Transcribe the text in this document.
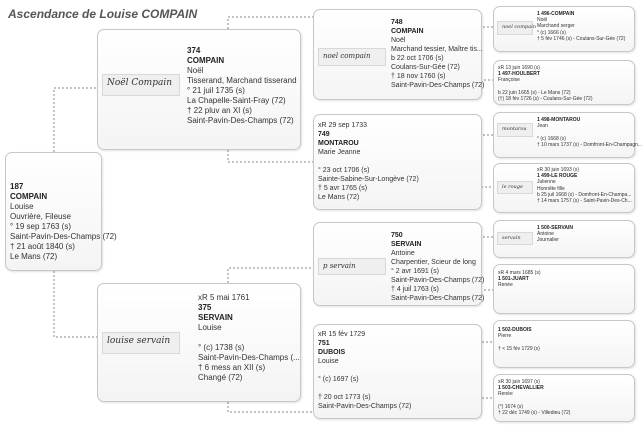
Ascendance de Louise COMPAIN
187
COMPAIN
Louise
Ouvrière, Fileuse
° 19 sep 1763 (s)
Saint-Pavin-Des-Champs (72)
† 21 août 1840 (s)
Le Mans (72)
Noël Compain
374
COMPAIN
Noël
Tisserand, Marchand tisserand
° 21 juil 1735 (s)
La Chapelle-Saint-Fray (72)
† 22 pluv an XI (s)
Saint-Pavin-Des-Champs (72)
louise servain
xR 5 mai 1761
375
SERVAIN
Louise

° (c) 1738 (s)
Saint-Pavin-Des-Champs (...
† 6 mess an XII (s)
Changé (72)
noel compain
748
COMPAIN
Noël
Marchand tessier, Maître tis...
b 22 oct 1706 (s)
Coulans-Sur-Gée (72)
† 18 nov 1760 (s)
Saint-Pavin-Des-Champs (72)
xR 29 sep 1733
749
MONTAROU
Marie Jeanne

° 23 oct 1706 (s)
Sainte-Sabine-Sur-Longève (72)
† 5 avr 1765 (s)
Le Mans (72)
p servain
750
SERVAIN
Antoine
Charpentier, Scieur de long
° 2 avr 1691 (s)
Saint-Pavin-Des-Champs (72)
† 4 juil 1763 (s)
Saint-Pavin-Des-Champs (72)
xR 15 fév 1729
751
DUBOIS
Louise

° (c) 1697 (s)

† 20 oct 1773 (s)
Saint-Pavin-Des-Champs (72)
noel compain
1 496-COMPAIN
Noël
Marchand serger
° (c) 1666 (s)
† 5 fév 1746 (s) - Coulans-Sur-Gée (72)
xR 13 juin 1690 (s)
1 497-HOULBERT
Françoise

b 22 juin 1665 (s) - Le Mans (72)
(†) 18 fév 1726 (s) - Coulans-Sur-Gée (72)
montarou
1 498-MONTAROU
Jean

° (c) 1668 (s)
† 10 mars 1737 (s) - Domfront-En-Champagn...
le rouge
xR 30 juin 1693 (s)
1 499-LE ROUGE
Julienne
Honnête fille
b 25 juil 1668 (s) - Domfront-En-Champa...
† 14 mars 1757 (s) - Saint-Pavin-Des-Ch...
servain
1 500-SERVAIN
Antoine
Journalier
xR 4 mars 1685 (s)
1 501-JUART
Renée
1 502-DUBOIS
Pierre

† < 15 fév 1729 (s)
xR 30 juin 1697 (s)
1 503-CHEVALLIER
Renée

(°) 1674 (s)
† 22 déc 1749 (s) - Villedieu (72)
